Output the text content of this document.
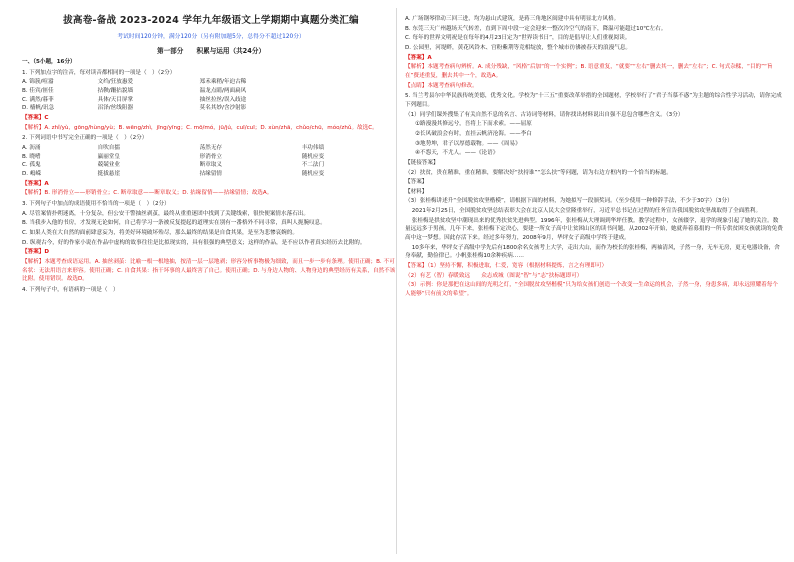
拔高卷-备战 2023-2024 学年九年级语文上学期期中真题分类汇编
考试时间120分钟，满分120分（另有附加题5分，总得分不超过120分）
第一部分　　积累与运用（共24分）
一、（5小题，16分）
1. 下列加点字的注音，每对读音都相同的一项是（　）（2分）
A. 锦簇/喧嚣	文绉/狂放惠爱	郑禾乘稍/年迫古稀
B. 佳宾/匪佳	拈鞅/跚拈貌墙	温龙点睛/两面扁风
C. 满然/暮菲	具体/天目屏掌	抽丝拉丝/误入歧途
D. 樯帆/讯急	沼泽/丝线阻器	莫名其妙/含沙射影

【答案】C

【解析】A. zhǐ/yù，gōng/hùng/yù；B. wēng/zhì，jīng/yīng；C. mō/mó，jū/jú，cuī/cuī；D. xùn/zhā，chǔo/chū，móo/zhǔ。故选C。

2. 下列词语中书写完全正确的一项是（　）（2分）
A. 沥涌	自吹自擂	荡然无存	丰功伟绩
B. 晓嗜	赢丽堂皇	形消骨立	随机应变
C. 孤鬼	兢兢业业	断章取义	不二法门
D. 嶋嵘	挺拔悬崖	拈缘留情	随机应变

【答案】A

【解析】B. 形消骨立——形销骨立；C. 断章取意——断章取义；D. 拈缘留情——拈缘留情；故选A。

3. 下列句子中加点的成语使用不恰当的一项是（　）（2分）

A. 尽管案情扑朔迷离，十分复杂，但公安干警抽丝剥茧，最终从重重迷团中找到了关键线索，很快便案情水落石出。

B. 当我步入他的书房，才发现无论如何，自己将学习一条被反复提起的道理实在别有一番格外不同寻常，真叫人扼腕叹息。

C. 如果人类在大自然的面前肆意妄为，将美好环境破坏殆尽，那么最终的结果是自食其果，是至为悲惨哀婉的。

D. 纵观古今，好的作家小说在作品中虚构的故事往往是比拟现实的，具有很强的典型意义；这样的作品，是不应以作者真实经历去比附的。

【答案】D

【解析】本题考查成语运用。A. 抽丝剥茧：比喻一根一根地抽，按清一层一层地剥；形容分析事物极为细致，而且一步一步有条理。使用正确；B. 不可名状：无法用语言来形容。使用正确；C. 自食其果：指干坏事的人最终害了自己。使用正确；D. 与身边人物的、人物身边的典型经历有关系，自然不该比附。使用错误。故选D。

4. 下列句子中，有语病的一项是（　）

A. 广场钢琴律动三回三进，均为悬山式建筑，是蒋三角地区闽建中具有明显北方风格。

B. 东莞三天广州越场天气转差，直到下周中段一定会迎来一整次冷空气的南下，降温可能超过10℃左右。

C. 每年的世界文明祝是在每年的4月23日定为“世界读书日”，目的是倡导让人们重视阅读。

D. 公园里，河堤畔，黄花风铃木、宫粉紫荆等竞相绽放，整个城市彷彿被春天的浪漫气息。

【答案】A

【解析】本题考查病句辨析。A. 成分残缺，“风格”后加“的一个实例”；B. 语意重复，“就要”“左右”删去其一，删去“左右”；C. 句式杂糅，“目的”“旨在”赘述重复，删去其中一个，故选A。

【点睛】本题考查病句修改。

5. 当兰考县尔中华民族传统美德，优秀文化。学校为“十三五”重要改革举措的全国题材，学校举行了“君子当慕不惑”为主题的综合性学习活动，请你完成下列题目。

（1）同学们课外搜集了有关自然不息的名言、古诗词等材料，请你找出材料说出自强不息包含哪些含义。（3分）

①路漫漫其修远兮，吾将上下而求索。——屈原

②长风破浪会有时，直挂云帆济沧海。——李白

③地势坤，君子以厚德载物。——《周易》

④不怨天，不尤人。——《论语》

【链接答案】

（2）扶贫，贵在精准，重在精准，要解决好“扶持谁”“怎么扶”等问题，请为右边方框内的一个恰当的标题。

【答案】

【材料】

（3）张桂梅讲述升“全国脱贫攻坚楷模”，请根据下面的材料，为她拟写一段颁奖词。（至少使用一种修辞手法，不少于30字）（3分）

2021年2月25日，全国脱贫攻坚总结表彰大会在北京人民大会堂隆重举行，习近平总书记在过程的任务宣告我国脱贫攻坚战取得了全面胜利。

张桂梅是拱贫攻坚中潮现出来的优秀扶贫先进典型。1996年，张桂梅从大理调到华坪任教。教学过程中，女孩辍学，退学的现象引起了她的关注。数量远远多于男孩，几年下来，张桂梅下定决心，要建一所女子高中让贫困山区的读书问题，从2002年开始，她就奔着募捐的一所专供贫困女孩就读的免费高中这一梦想。因此存活下来。经过多年努力，2008年9月，华坪女子高级中学终于建成。

10多年来，华坪女子高级中学先后有1800余名女孩考上大学，走出大山，而作为校长的张桂梅，两袖清风，子然一身，无车无房，更无电器设备，舍身奉献，勤俭律已。小帆张桂梅10余种疾病……

【答案】（1）坚持不懈，积极进取，仁爱，宽容（根据材料提炼，言之有理即可）

（2）有艺（智）春暖致远　　众志成城（图说“智”与“志”扶标题即可）

（3）示例：你是那把在这山间的光明之灯，“全国脱贫攻坚楷模”只为给女孩们创造一个改变一生命运的机会，子然一身，身患多病，却永远照耀着每个人能够“只有前文的希望”。
